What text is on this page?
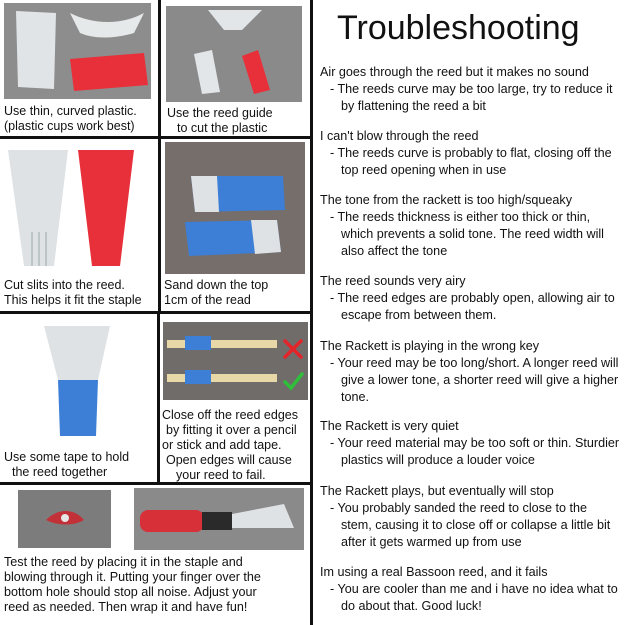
Use thin, curved plastic.
(plastic cups work best)
Use the reed guide
to cut the plastic
Cut slits into the reed.
This helps it fit the staple
Sand down the top
1cm of the read
Use some tape to hold
the reed together
Close off the reed edges
by fitting it over a pencil
or stick and add tape.
Open edges will cause
your reed to fail.
Test the reed by placing it in the staple and
blowing through it. Putting your finger over the
bottom hole should stop all noise. Adjust your
reed as needed. Then wrap it and have fun!
Troubleshooting
Air goes through the reed but it makes no sound
- The reeds curve may be too large, try to reduce it by flattening the reed a bit
I can't blow through the reed
- The reeds curve is probably to flat, closing off the top reed opening when in use
The tone from the rackett is too high/squeaky
- The reeds thickness is either too thick or thin, which prevents a solid tone. The reed width will also affect the tone
The reed sounds very airy
- The reed edges are probably open, allowing air to escape from between them.
The Rackett is playing in the wrong key
- Your reed may be too long/short. A longer reed will give a lower tone, a shorter reed will give a higher tone.
The Rackett is very quiet
- Your reed material may be too soft or thin. Sturdier plastics will produce a louder voice
The Rackett plays, but eventually will stop
- You probably sanded the reed to close to the stem, causing it to close off or collapse a little bit after it gets warmed up from use
Im using a real Bassoon reed, and it fails
- You are cooler than me and i have no idea what to do about that. Good luck!
